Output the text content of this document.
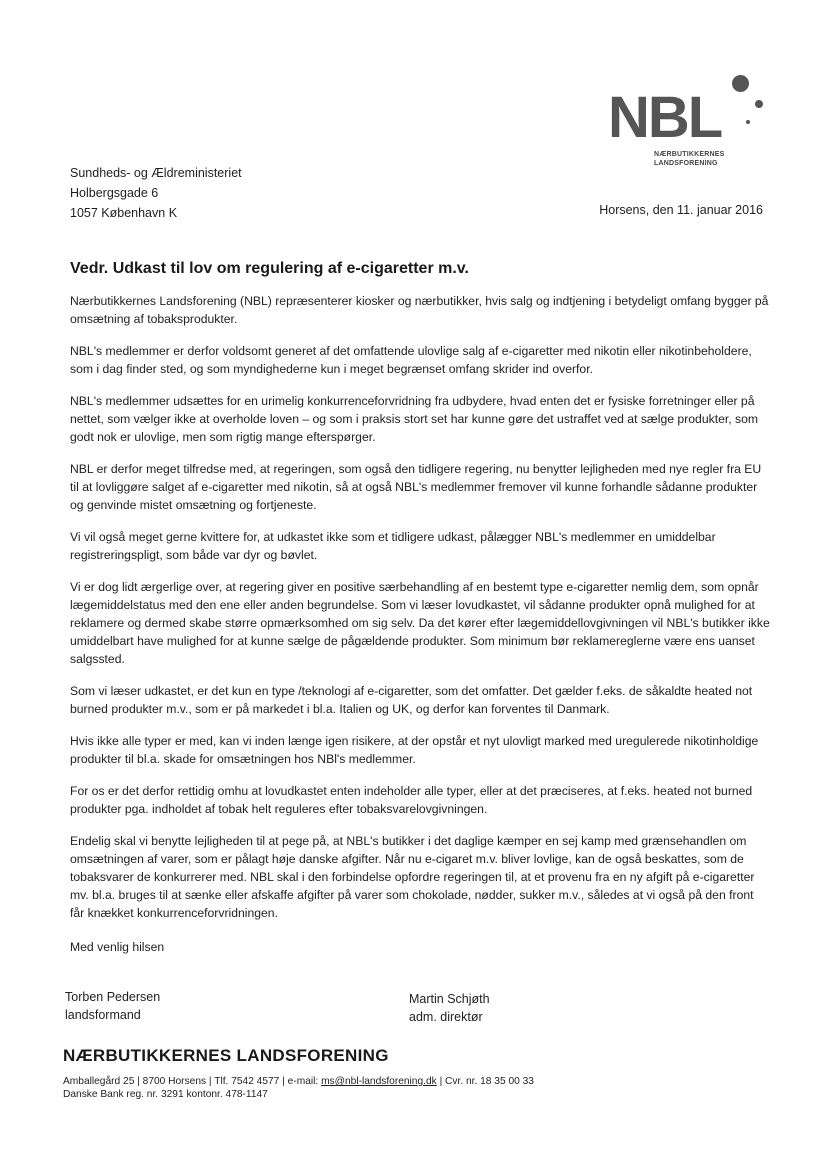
NBL
NÆRBUTIKKERNES
LANDSFORENING
Sundheds- og Ældreministeriet
Holbergsgade 6
1057 København K	Horsens, den 11. januar 2016
Vedr. Udkast til lov om regulering af e-cigaretter m.v.

Nærbutikkernes Landsforening (NBL) repræsenterer kiosker og nærbutikker, hvis salg og indtjening i betydeligt omfang bygger på omsætning af tobaksprodukter.

NBL's medlemmer er derfor voldsomt generet af det omfattende ulovlige salg af e-cigaretter med nikotin eller nikotinbeholdere, som i dag finder sted, og som myndighederne kun i meget begrænset omfang skrider ind overfor.

NBL's medlemmer udsættes for en urimelig konkurrenceforvridning fra udbydere, hvad enten det er fysiske forretninger eller på nettet, som vælger ikke at overholde loven – og som i praksis stort set har kunne gøre det ustraffet ved at sælge produkter, som godt nok er ulovlige, men som rigtig mange efterspørger.

NBL er derfor meget tilfredse med, at regeringen, som også den tidligere regering, nu benytter lejligheden med nye regler fra EU til at lovliggøre salget af e-cigaretter med nikotin, så at også NBL's medlemmer fremover vil kunne forhandle sådanne produkter og genvinde mistet omsætning og fortjeneste.

Vi vil også meget gerne kvittere for, at udkastet ikke som et tidligere udkast, pålægger NBL's medlemmer en umiddelbar registreringspligt, som både var dyr og bøvlet.

Vi er dog lidt ærgerlige over, at regering giver en positive særbehandling af en bestemt type e-cigaretter nemlig dem, som opnår lægemiddelstatus med den ene eller anden begrundelse. Som vi læser lovudkastet, vil sådanne produkter opnå mulighed for at reklamere og dermed skabe større opmærksomhed om sig selv. Da det kører efter lægemiddellovgivningen vil NBL's butikker ikke umiddelbart have mulighed for at kunne sælge de pågældende produkter. Som minimum bør reklamereglerne være ens uanset salgssted.

Som vi læser udkastet, er det kun en type /teknologi af e-cigaretter, som det omfatter. Det gælder f.eks. de såkaldte heated not burned produkter m.v., som er på markedet i bl.a. Italien og UK, og derfor kan forventes til Danmark.

Hvis ikke alle typer er med, kan vi inden længe igen risikere, at der opstår et nyt ulovligt marked med uregulerede nikotinholdige produkter til bl.a. skade for omsætningen hos NBl's medlemmer.

For os er det derfor rettidig omhu at lovudkastet enten indeholder alle typer, eller at det præciseres, at f.eks. heated not burned produkter pga. indholdet af tobak helt reguleres efter tobaksvarelovgivningen.

Endelig skal vi benytte lejligheden til at pege på, at NBL's butikker i det daglige kæmper en sej kamp med grænsehandlen om omsætningen af varer, som er pålagt høje danske afgifter. Når nu e-cigaret m.v. bliver lovlige, kan de også beskattes, som de tobaksvarer de konkurrerer med. NBL skal i den forbindelse opfordre regeringen til, at et provenu fra en ny afgift på e-cigaretter mv. bl.a. bruges til at sænke eller afskaffe afgifter på varer som chokolade, nødder, sukker m.v., således at vi også på den front får knækket konkurrenceforvridningen.

Med venlig hilsen
Torben Pedersen
landsformand
Martin Schjøth
adm. direktør
NÆRBUTIKKERNES LANDSFORENING
Amballegård 25 | 8700 Horsens | Tlf. 7542 4577 | e-mail: ms@nbl-landsforening.dk | Cvr. nr. 18 35 00 33
Danske Bank reg. nr. 3291 kontonr. 478-1147
